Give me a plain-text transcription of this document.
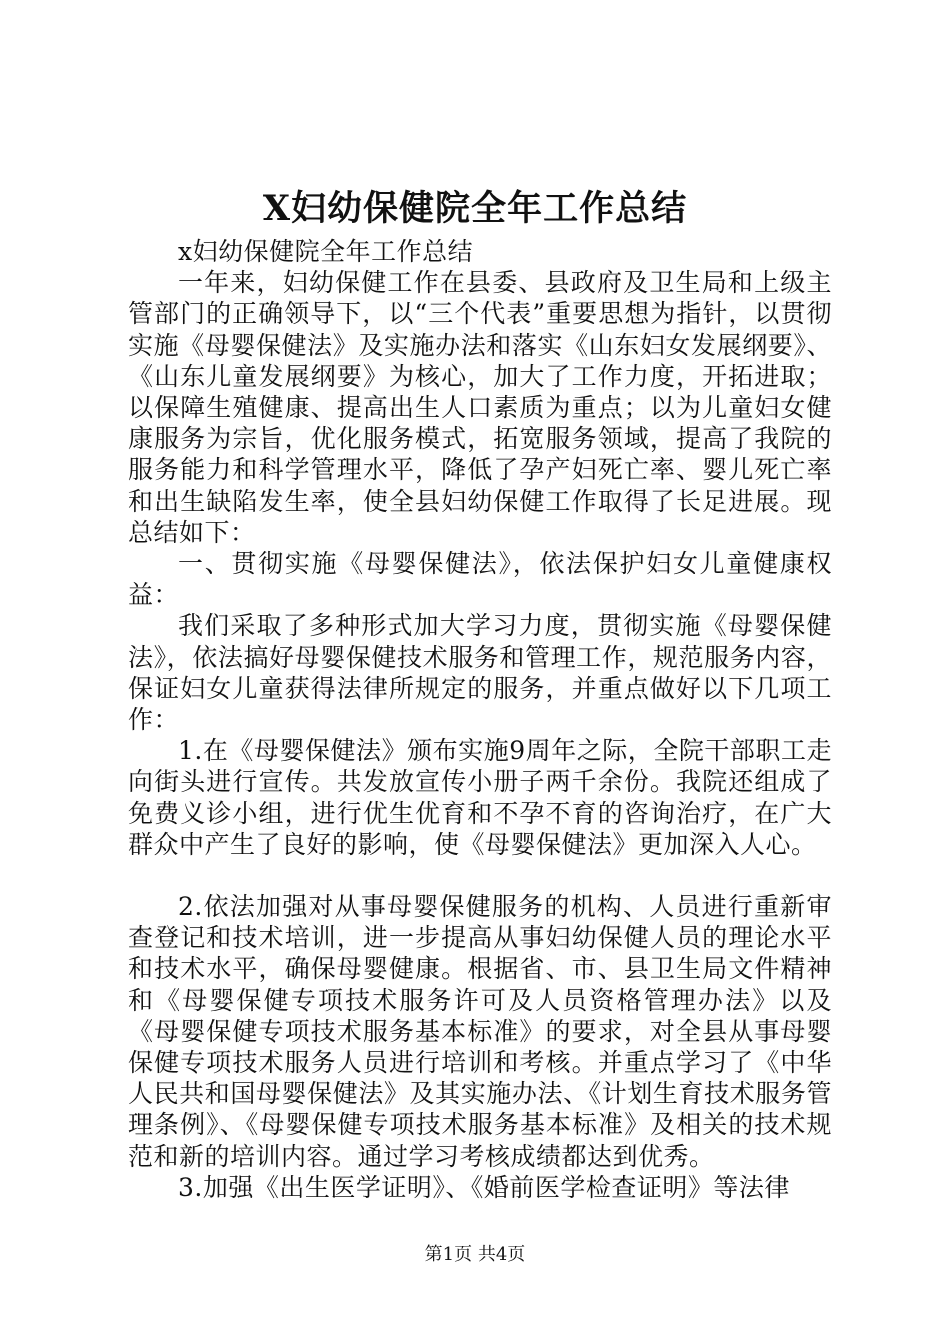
X妇幼保健院全年工作总结

x妇幼保健院全年工作总结

一年来，妇幼保健工作在县委、县政府及卫生局和上级主管部门的正确领导下，以“三个代表”重要思想为指针，以贯彻实施《母婴保健法》及实施办法和落实《山东妇女发展纲要》、《山东儿童发展纲要》为核心，加大了工作力度，开拓进取；以保障生殖健康、提高出生人口素质为重点；以为儿童妇女健康服务为宗旨，优化服务模式，拓宽服务领域，提高了我院的服务能力和科学管理水平，降低了孕产妇死亡率、婴儿死亡率和出生缺陷发生率，使全县妇幼保健工作取得了长足进展。现总结如下：

一、贯彻实施《母婴保健法》，依法保护妇女儿童健康权益：

我们采取了多种形式加大学习力度，贯彻实施《母婴保健法》，依法搞好母婴保健技术服务和管理工作，规范服务内容，保证妇女儿童获得法律所规定的服务，并重点做好以下几项工作：

1.在《母婴保健法》颁布实施9周年之际，全院干部职工走向街头进行宣传。共发放宣传小册子两千余份。我院还组成了免费义诊小组，进行优生优育和不孕不育的咨询治疗，在广大群众中产生了良好的影响，使《母婴保健法》更加深入人心。

2.依法加强对从事母婴保健服务的机构、人员进行重新审查登记和技术培训，进一步提高从事妇幼保健人员的理论水平和技术水平，确保母婴健康。根据省、市、县卫生局文件精神和《母婴保健专项技术服务许可及人员资格管理办法》以及《母婴保健专项技术服务基本标准》的要求，对全县从事母婴保健专项技术服务人员进行培训和考核。并重点学习了《中华人民共和国母婴保健法》及其实施办法、《计划生育技术服务管理条例》、《母婴保健专项技术服务基本标准》及相关的技术规范和新的培训内容。通过学习考核成绩都达到优秀。

3.加强《出生医学证明》、《婚前医学检查证明》等法律

第1页 共4页
